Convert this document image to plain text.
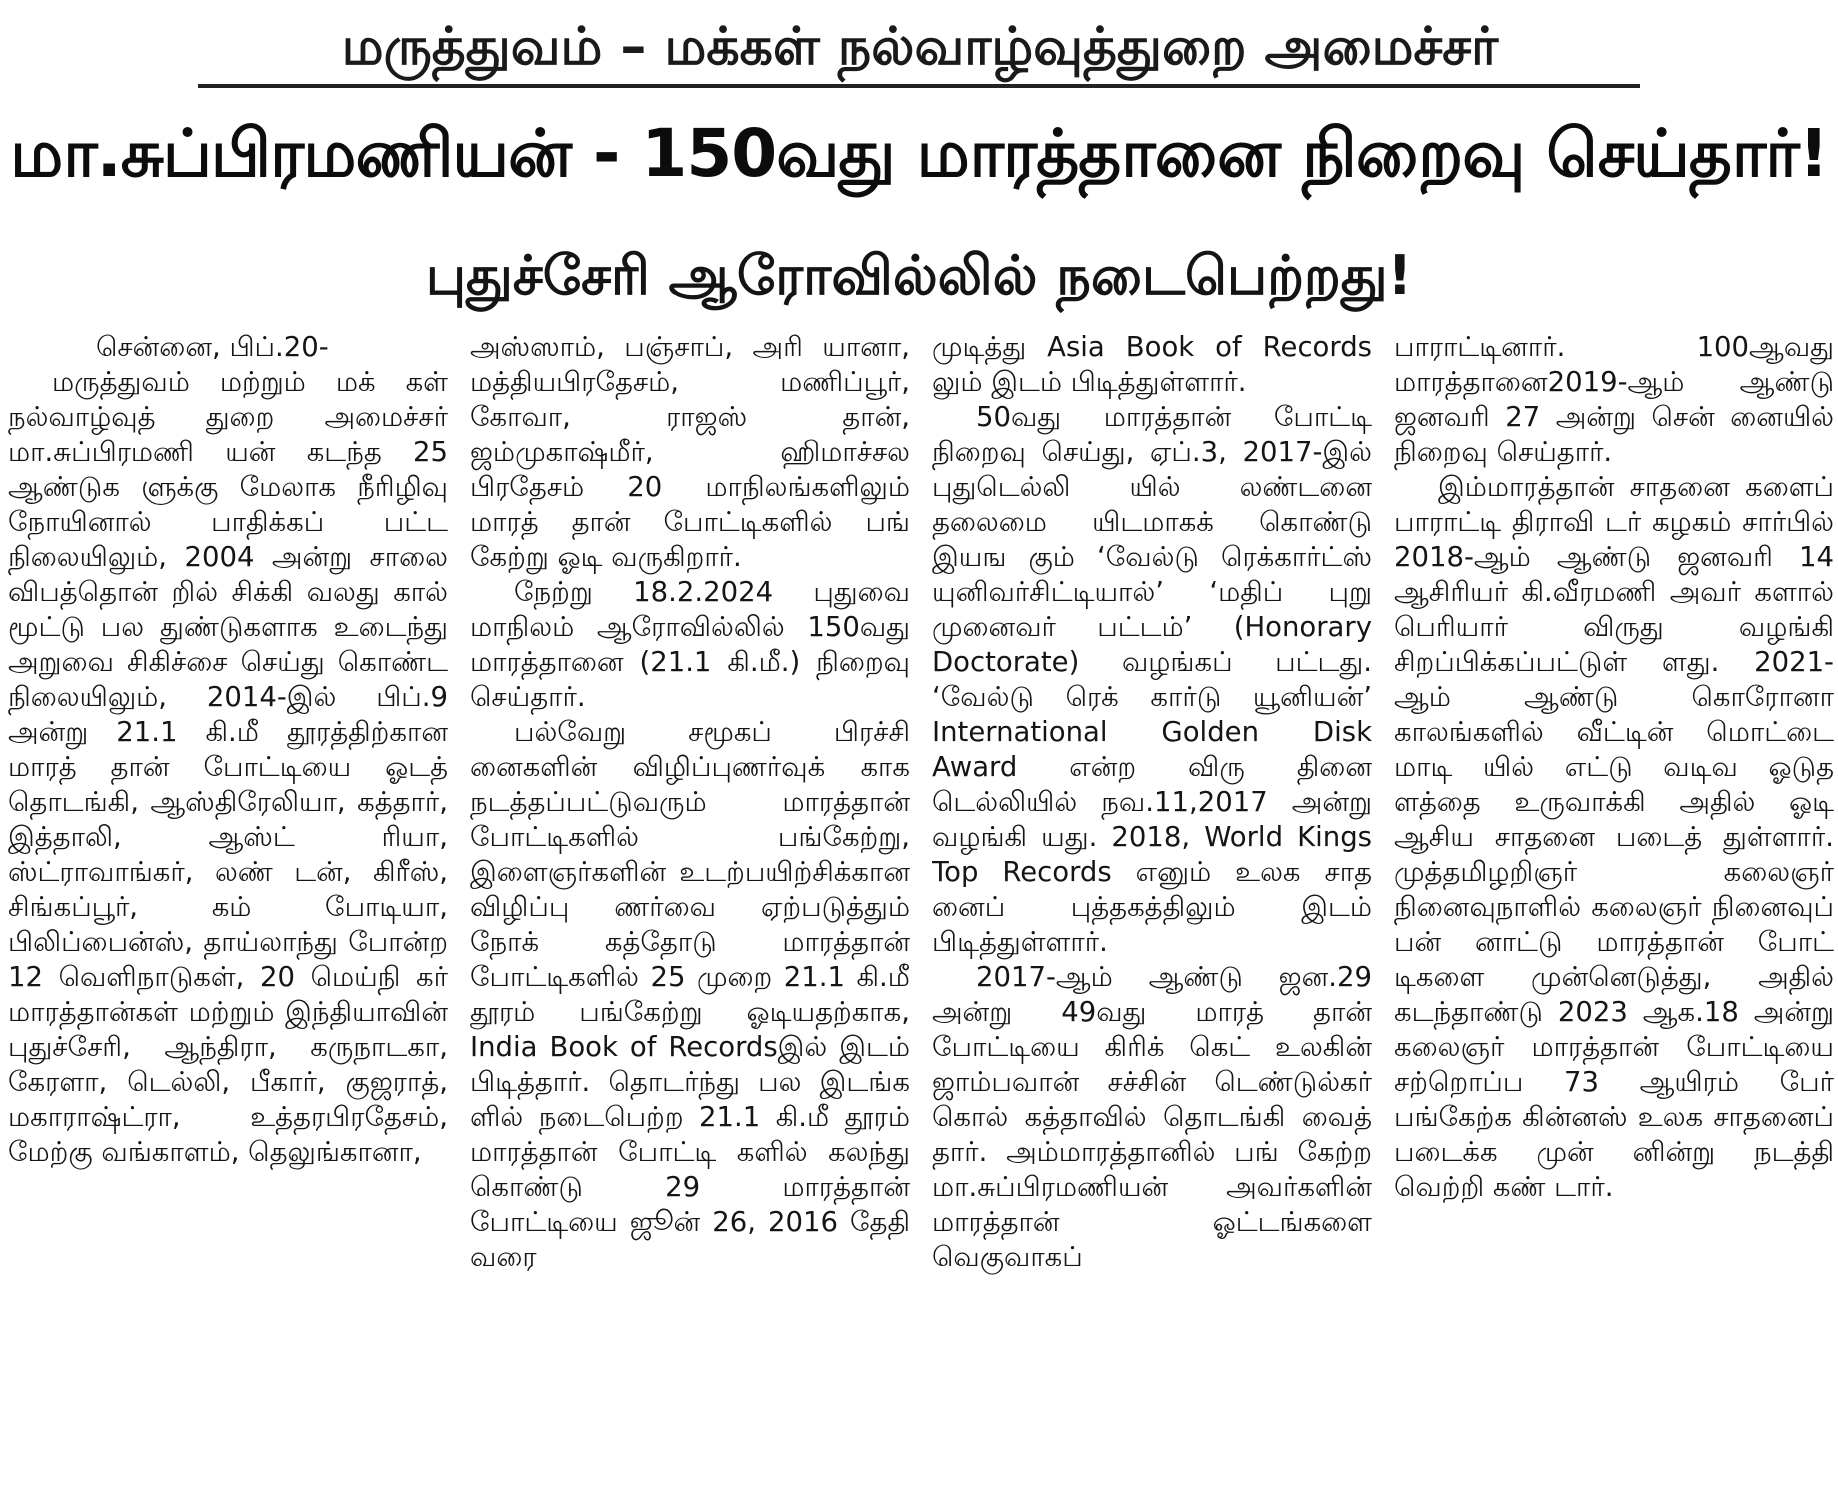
மருத்துவம் – மக்கள் நல்வாழ்வுத்துறை அமைச்சர்
மா.சுப்பிரமணியன் - 150வது மாரத்தானை நிறைவு செய்தார்!
புதுச்சேரி ஆரோவில்லில் நடைபெற்றது!

சென்னை, பிப்.20-

மருத்துவம் மற்றும் மக் கள் நல்வாழ்வுத் துறை அமைச்சர் மா.சுப்பிரமணி யன் கடந்த 25 ஆண்டுக ளுக்கு மேலாக நீரிழிவு நோயினால் பாதிக்கப் பட்ட நிலையிலும், 2004 அன்று சாலை விபத்தொன் றில் சிக்கி வலது கால் மூட்டு பல துண்டுகளாக உடைந்து அறுவை சிகிச்சை செய்து கொண்ட நிலையிலும், 2014-இல் பிப்.9 அன்று 21.1 கி.மீ தூரத்திற்கான மாரத் தான் போட்டியை ஓடத் தொடங்கி, ஆஸ்திரேலியா, கத்தார், இத்தாலி, ஆஸ்ட் ரியா, ஸ்ட்ராவாங்கர், லண் டன், கிரீஸ், சிங்கப்பூர், கம் போடியா, பிலிப்பைன்ஸ், தாய்லாந்து போன்ற 12 வெளிநாடுகள், 20 மெய்நி கர் மாரத்தான்கள் மற்றும் இந்தியாவின் புதுச்சேரி, ஆந்திரா, கருநாடகா, கேரளா, டெல்லி, பீகார், குஜராத், மகாராஷ்ட்ரா, உத்தரபிரதேசம், மேற்கு வங்காளம், தெலுங்கானா,

அஸ்ஸாம், பஞ்சாப், அரி யானா, மத்தியபிரதேசம், மணிப்பூர், கோவா, ராஜஸ் தான், ஜம்முகாஷ்மீர், ஹிமாச்சல பிரதேசம் 20 மாநிலங்களிலும் மாரத் தான் போட்டிகளில் பங் கேற்று ஓடி வருகிறார்.

நேற்று 18.2.2024 புதுவை மாநிலம் ஆரோவில்லில் 150வது மாரத்தானை (21.1 கி.மீ.) நிறைவு செய்தார்.

பல்வேறு சமூகப் பிரச்சி னைகளின் விழிப்புணர்வுக் காக நடத்தப்பட்டுவரும் மாரத்தான் போட்டிகளில் பங்கேற்று, இளைஞர்களின் உடற்பயிற்சிக்கான விழிப்பு ணர்வை ஏற்படுத்தும் நோக் கத்தோடு மாரத்தான் போட்டிகளில் 25 முறை 21.1 கி.மீ தூரம் பங்கேற்று ஓடியதற்காக, India Book of Recordsஇல் இடம் பிடித்தார். தொடர்ந்து பல இடங்க ளில் நடைபெற்ற 21.1 கி.மீ தூரம் மாரத்தான் போட்டி களில் கலந்து கொண்டு 29 மாரத்தான் போட்டியை ஜூன் 26, 2016 தேதி வரை

முடித்து Asia Book of Records லும் இடம் பிடித்துள்ளார்.

50வது மாரத்தான் போட்டி நிறைவு செய்து, ஏப்.3, 2017-இல் புதுடெல்லி யில் லண்டனை தலைமை யிடமாகக் கொண்டு இயங கும் ‘வேல்டு ரெக்கார்ட்ஸ் யுனிவர்சிட்டியால்’ ‘மதிப் புறு முனைவர் பட்டம்’ (Honorary Doctorate) வழங்கப் பட்டது. ‘வேல்டு ரெக் கார்டு யூனியன்’ International Golden Disk Award என்ற விரு தினை டெல்லியில் நவ.11,2017 அன்று வழங்கி யது. 2018, World Kings Top Records எனும் உலக சாத னைப் புத்தகத்திலும் இடம் பிடித்துள்ளார்.

2017-ஆம் ஆண்டு ஜன.29 அன்று 49வது மாரத் தான் போட்டியை கிரிக் கெட் உலகின் ஜாம்பவான் சச்சின் டெண்டுல்கர் கொல் கத்தாவில் தொடங்கி வைத் தார். அம்மாரத்தானில் பங் கேற்ற மா.சுப்பிரமணியன் அவர்களின் மாரத்தான் ஓட்டங்களை வெகுவாகப்

பாராட்டினார். 100ஆவது மாரத்தானை2019-ஆம் ஆண்டு ஜனவரி 27 அன்று சென் னையில் நிறைவு செய்தார்.

இம்மாரத்தான் சாதனை களைப் பாராட்டி திராவி டர் கழகம் சார்பில் 2018-ஆம் ஆண்டு ஜனவரி 14 ஆசிரியர் கி.வீரமணி அவர் களால் பெரியார் விருது வழங்கி சிறப்பிக்கப்பட்டுள் ளது. 2021-ஆம் ஆண்டு கொரோனா காலங்களில் வீட்டின் மொட்டை மாடி யில் எட்டு வடிவ ஓடுத ளத்தை உருவாக்கி அதில் ஓடி ஆசிய சாதனை படைத் துள்ளார். முத்தமிழறிஞர் கலைஞர் நினைவுநாளில் கலைஞர் நினைவுப் பன் னாட்டு மாரத்தான் போட் டிகளை முன்னெடுத்து, அதில் கடந்தாண்டு 2023 ஆக.18 அன்று கலைஞர் மாரத்தான் போட்டியை சற்றொப்ப 73 ஆயிரம் பேர் பங்கேற்க கின்னஸ் உலக சாதனைப் படைக்க முன் னின்று நடத்தி வெற்றி கண் டார்.
